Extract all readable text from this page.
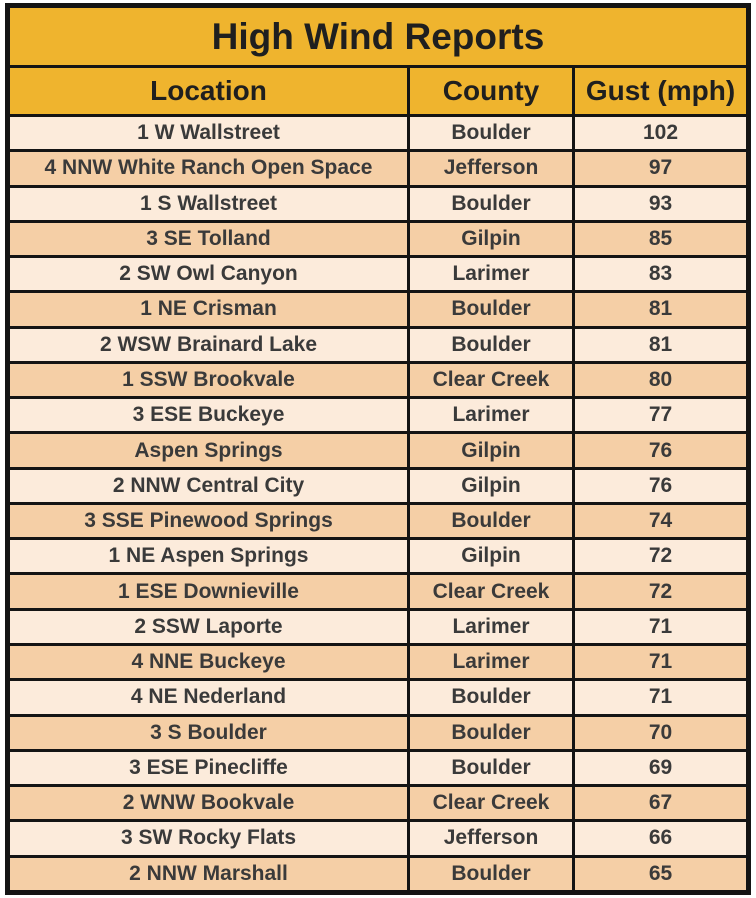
High Wind Reports
Location	County	Gust (mph)
1 W Wallstreet	Boulder	102
4 NNW White Ranch Open Space	Jefferson	97
1 S Wallstreet	Boulder	93
3 SE Tolland	Gilpin	85
2 SW Owl Canyon	Larimer	83
1 NE Crisman	Boulder	81
2 WSW Brainard Lake	Boulder	81
1 SSW Brookvale	Clear Creek	80
3 ESE Buckeye	Larimer	77
Aspen Springs	Gilpin	76
2 NNW Central City	Gilpin	76
3 SSE Pinewood Springs	Boulder	74
1 NE Aspen Springs	Gilpin	72
1 ESE Downieville	Clear Creek	72
2 SSW Laporte	Larimer	71
4 NNE Buckeye	Larimer	71
4 NE Nederland	Boulder	71
3 S Boulder	Boulder	70
3 ESE Pinecliffe	Boulder	69
2 WNW Bookvale	Clear Creek	67
3 SW Rocky Flats	Jefferson	66
2 NNW Marshall	Boulder	65
